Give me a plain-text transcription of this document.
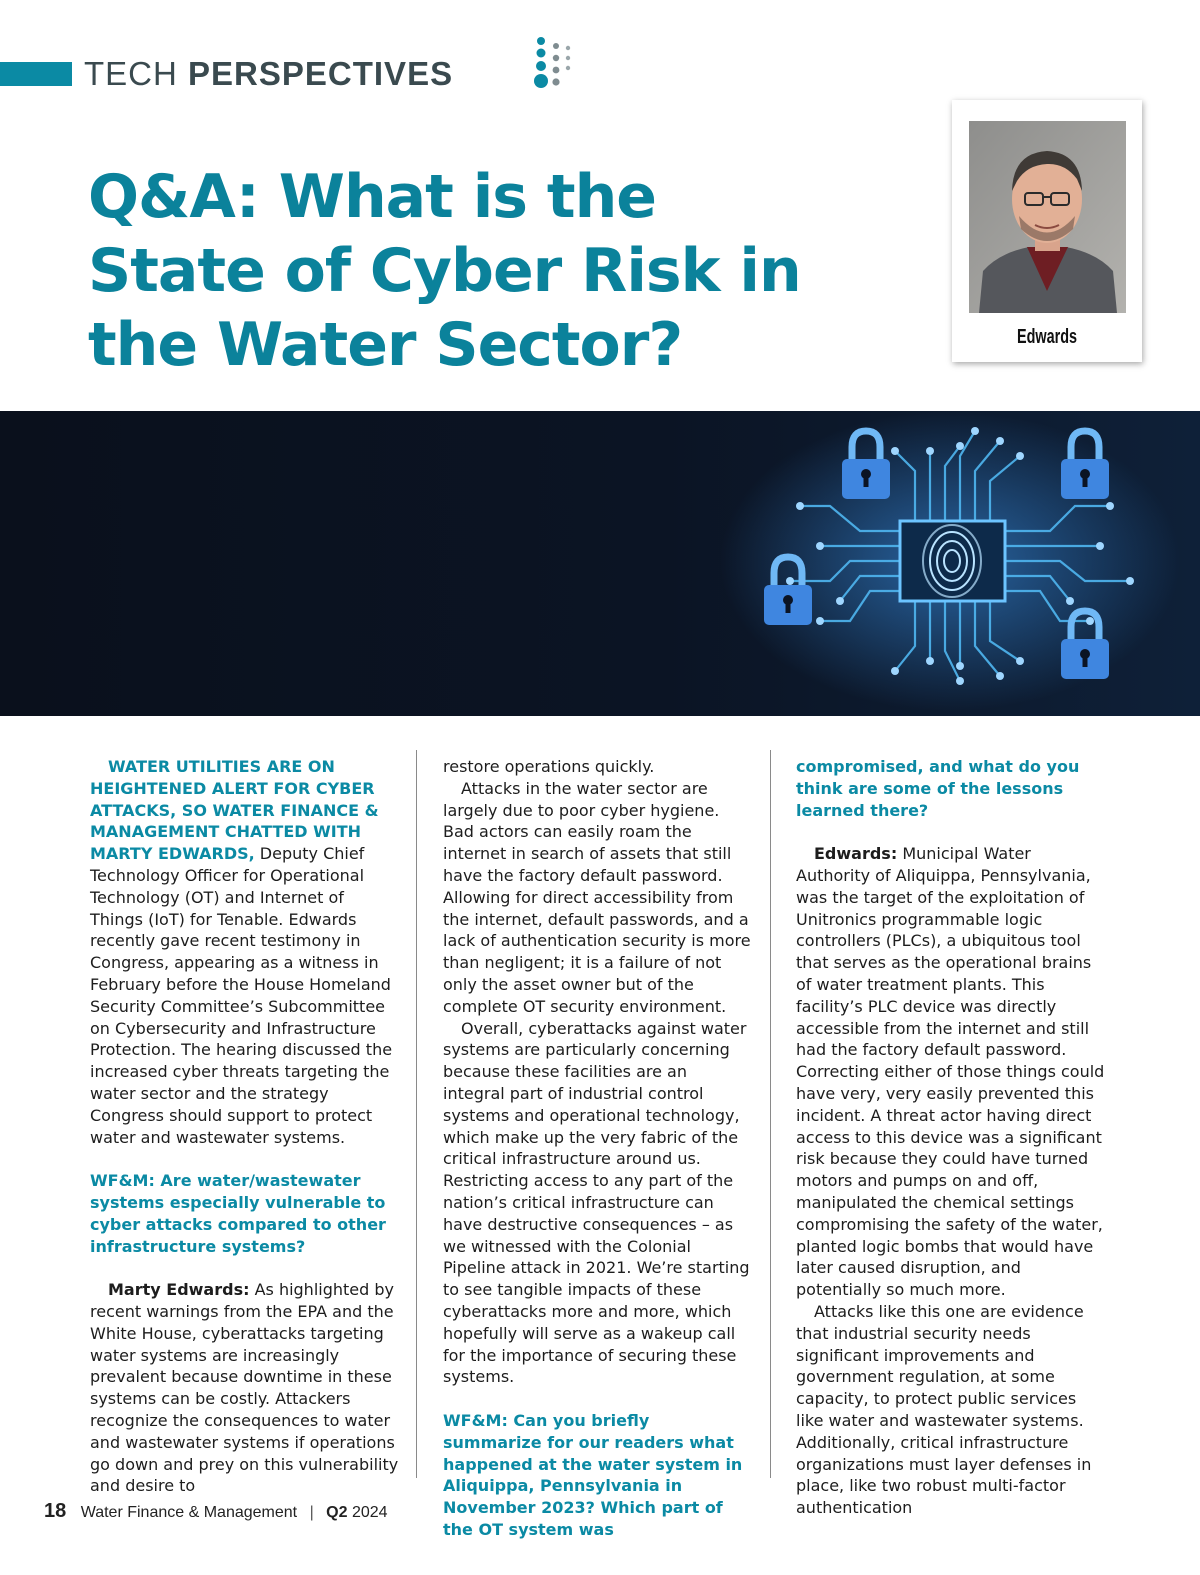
TECH PERSPECTIVES
Q&A: What is the State of Cyber Risk in the Water Sector?	Edwards

WATER UTILITIES ARE ON HEIGHTENED ALERT FOR CYBER ATTACKS, SO WATER FINANCE & MANAGEMENT CHATTED WITH MARTY EDWARDS, Deputy Chief Technology Officer for Operational Technology (OT) and Internet of Things (IoT) for Tenable. Edwards recently gave recent testimony in Congress, appearing as a witness in February before the House Homeland Security Committee’s Subcommittee on Cybersecurity and Infrastructure Protection. The hearing discussed the increased cyber threats targeting the water sector and the strategy Congress should support to protect water and wastewater systems.

WF&M: Are water/wastewater systems especially vulnerable to cyber attacks compared to other infrastructure systems?

Marty Edwards: As highlighted by recent warnings from the EPA and the White House, cyberattacks targeting water systems are increasingly prevalent because downtime in these systems can be costly. Attackers recognize the consequences to water and wastewater systems if operations go down and prey on this vulnerability and desire to

restore operations quickly.

Attacks in the water sector are largely due to poor cyber hygiene. Bad actors can easily roam the internet in search of assets that still have the factory default password. Allowing for direct accessibility from the internet, default passwords, and a lack of authentication security is more than negligent; it is a failure of not only the asset owner but of the complete OT security environment.

Overall, cyberattacks against water systems are particularly concerning because these facilities are an integral part of industrial control systems and operational technology, which make up the very fabric of the critical infrastructure around us. Restricting access to any part of the nation’s critical infrastructure can have destructive consequences – as we witnessed with the Colonial Pipeline attack in 2021. We’re starting to see tangible impacts of these cyberattacks more and more, which hopefully will serve as a wakeup call for the importance of securing these systems.

WF&M: Can you briefly summarize for our readers what happened at the water system in Aliquippa, Pennsylvania in November 2023? Which part of the OT system was

compromised, and what do you think are some of the lessons learned there?

Edwards: Municipal Water Authority of Aliquippa, Pennsylvania, was the target of the exploitation of Unitronics programmable logic controllers (PLCs), a ubiquitous tool that serves as the operational brains of water treatment plants. This facility’s PLC device was directly accessible from the internet and still had the factory default password. Correcting either of those things could have very, very easily prevented this incident. A threat actor having direct access to this device was a significant risk because they could have turned motors and pumps on and off, manipulated the chemical settings compromising the safety of the water, planted logic bombs that would have later caused disruption, and potentially so much more.

Attacks like this one are evidence that industrial security needs significant improvements and government regulation, at some capacity, to protect public services like water and wastewater systems. Additionally, critical infrastructure organizations must layer defenses in place, like two robust multi-factor authentication

18 Water Finance & Management | Q2 2024
